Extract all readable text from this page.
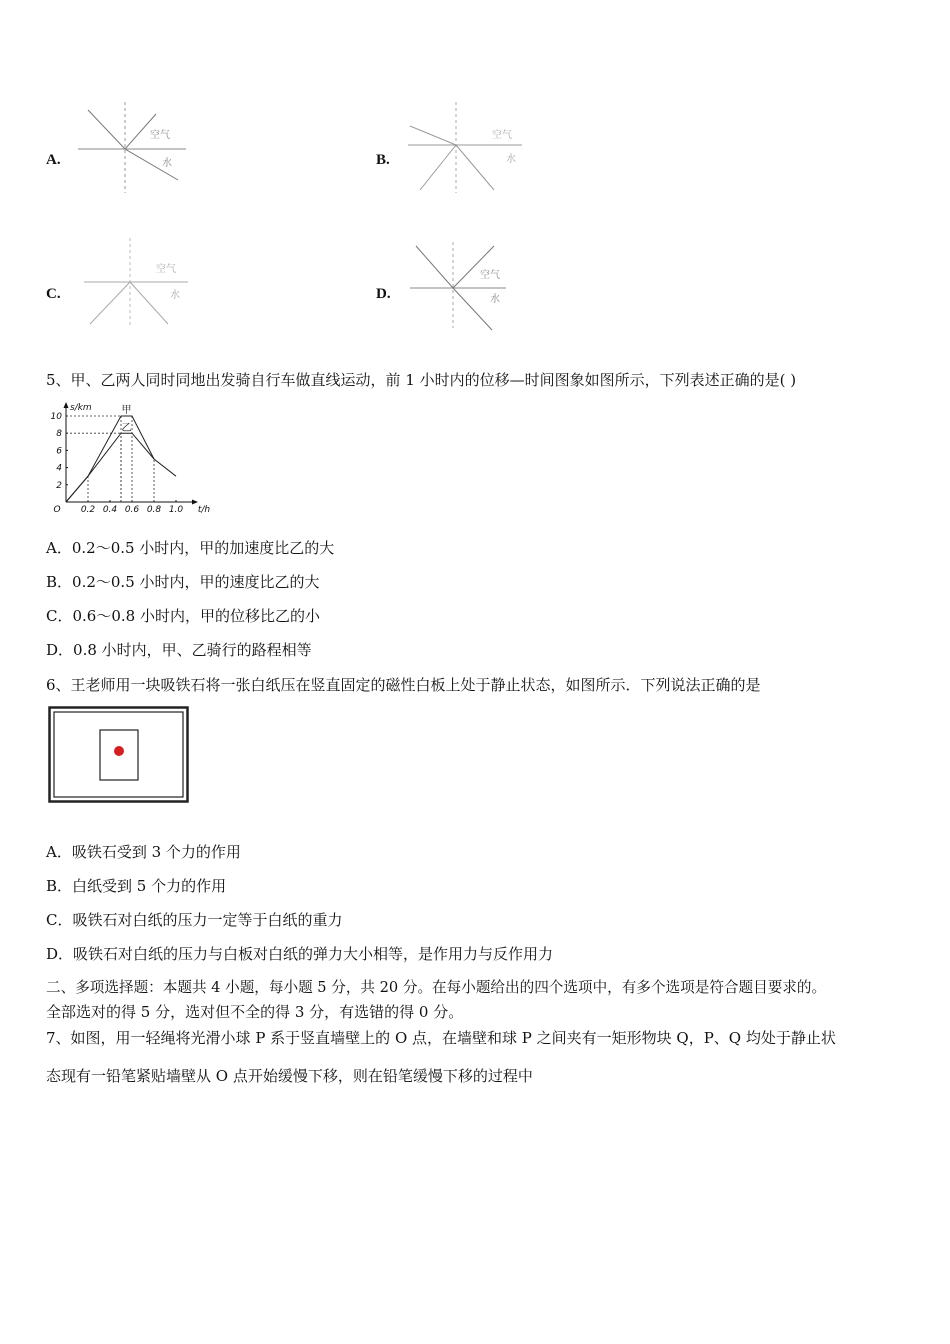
A.
空气
水	B.
空气
水
C.
空气
水	D.
空气
水
5、甲、乙两人同时同地出发骑自行车做直线运动，前 1 小时内的位移—时间图象如图所示，下列表述正确的是( )
s/km
t/h
O 0.2 0.4 0.6 0.8 1.0
2
4
6
8
10
甲
乙
A．0.2～0.5 小时内，甲的加速度比乙的大
B．0.2～0.5 小时内，甲的速度比乙的大
C．0.6～0.8 小时内，甲的位移比乙的小
D．0.8 小时内，甲、乙骑行的路程相等
6、王老师用一块吸铁石将一张白纸压在竖直固定的磁性白板上处于静止状态，如图所示．下列说法正确的是
A．吸铁石受到 3 个力的作用
B．白纸受到 5 个力的作用
C．吸铁石对白纸的压力一定等于白纸的重力
D．吸铁石对白纸的压力与白板对白纸的弹力大小相等，是作用力与反作用力
二、多项选择题：本题共 4 小题，每小题 5 分，共 20 分。在每小题给出的四个选项中，有多个选项是符合题目要求的。
全部选对的得 5 分，选对但不全的得 3 分，有选错的得 0 分。
7、如图，用一轻绳将光滑小球 P 系于竖直墙壁上的 O 点，在墙壁和球 P 之间夹有一矩形物块 Q，P、Q 均处于静止状
态现有一铅笔紧贴墙壁从 O 点开始缓慢下移，则在铅笔缓慢下移的过程中
